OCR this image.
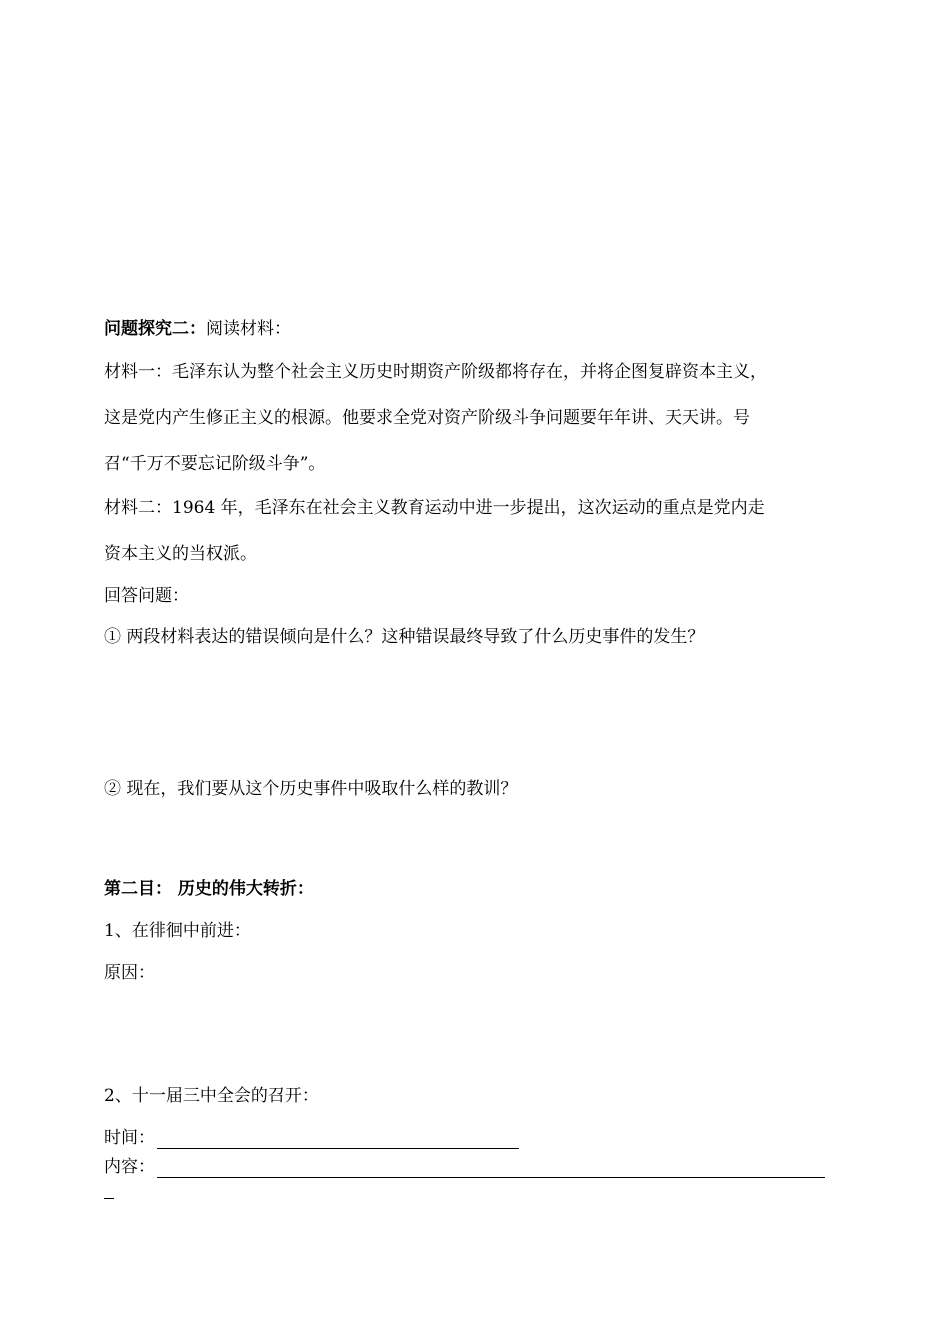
问题探究二：阅读材料：
材料一：毛泽东认为整个社会主义历史时期资产阶级都将存在，并将企图复辟资本主义，
这是党内产生修正主义的根源。他要求全党对资产阶级斗争问题要年年讲、天天讲。号
召“千万不要忘记阶级斗争”。
材料二：1964 年，毛泽东在社会主义教育运动中进一步提出，这次运动的重点是党内走
资本主义的当权派。
回答问题：
① 两段材料表达的错误倾向是什么？这种错误最终导致了什么历史事件的发生？
② 现在，我们要从这个历史事件中吸取什么样的教训？
第二目： 历史的伟大转折：
1、在徘徊中前进：
原因：
2、十一届三中全会的召开：
时间：
内容：
